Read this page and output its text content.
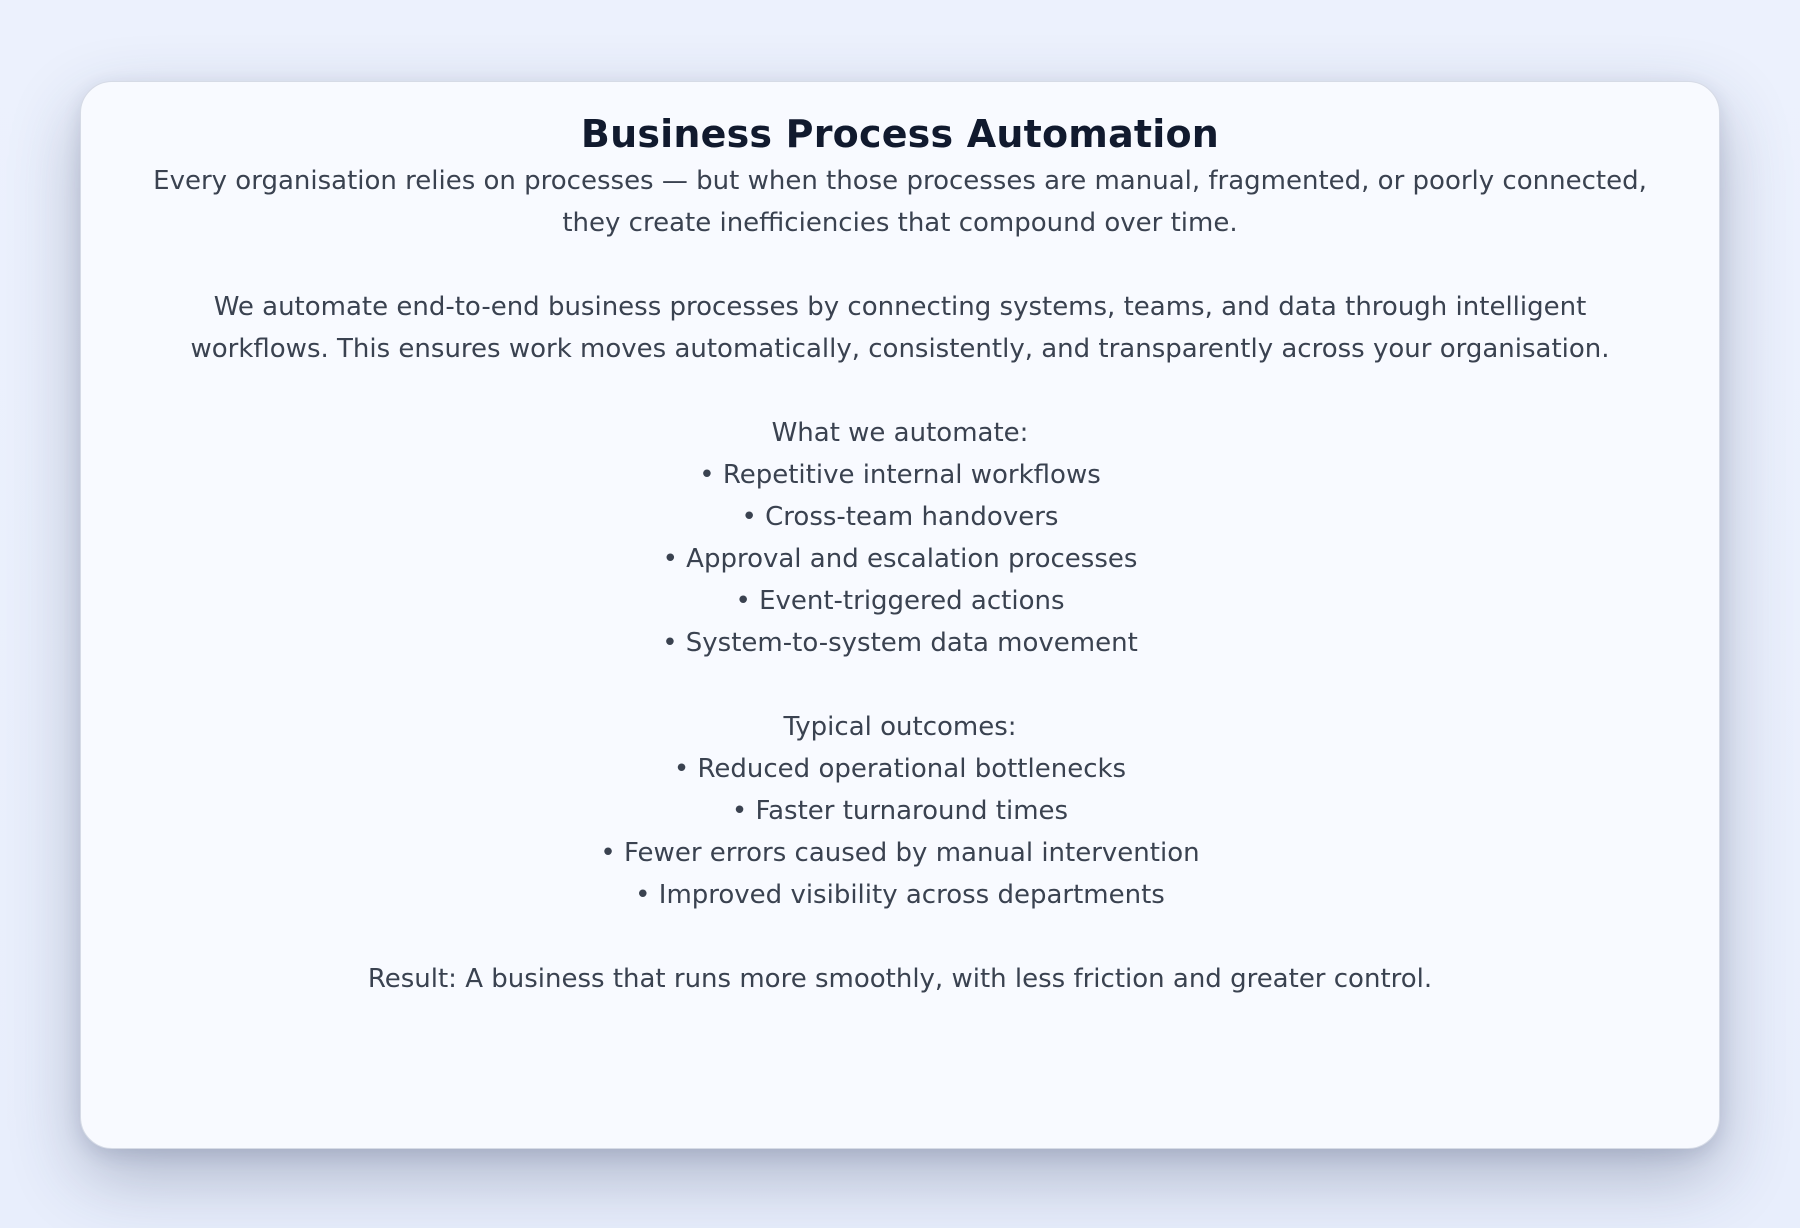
Business Process Automation

Every organisation relies on processes — but when those processes are manual, fragmented, or poorly connected, they create inefficiencies that compound over time.

We automate end-to-end business processes by connecting systems, teams, and data through intelligent workflows. This ensures work moves automatically, consistently, and transparently across your organisation.

What we automate:

• Repetitive internal workflows

• Cross-team handovers

• Approval and escalation processes

• Event-triggered actions

• System-to-system data movement

Typical outcomes:

• Reduced operational bottlenecks

• Faster turnaround times

• Fewer errors caused by manual intervention

• Improved visibility across departments

Result: A business that runs more smoothly, with less friction and greater control.
